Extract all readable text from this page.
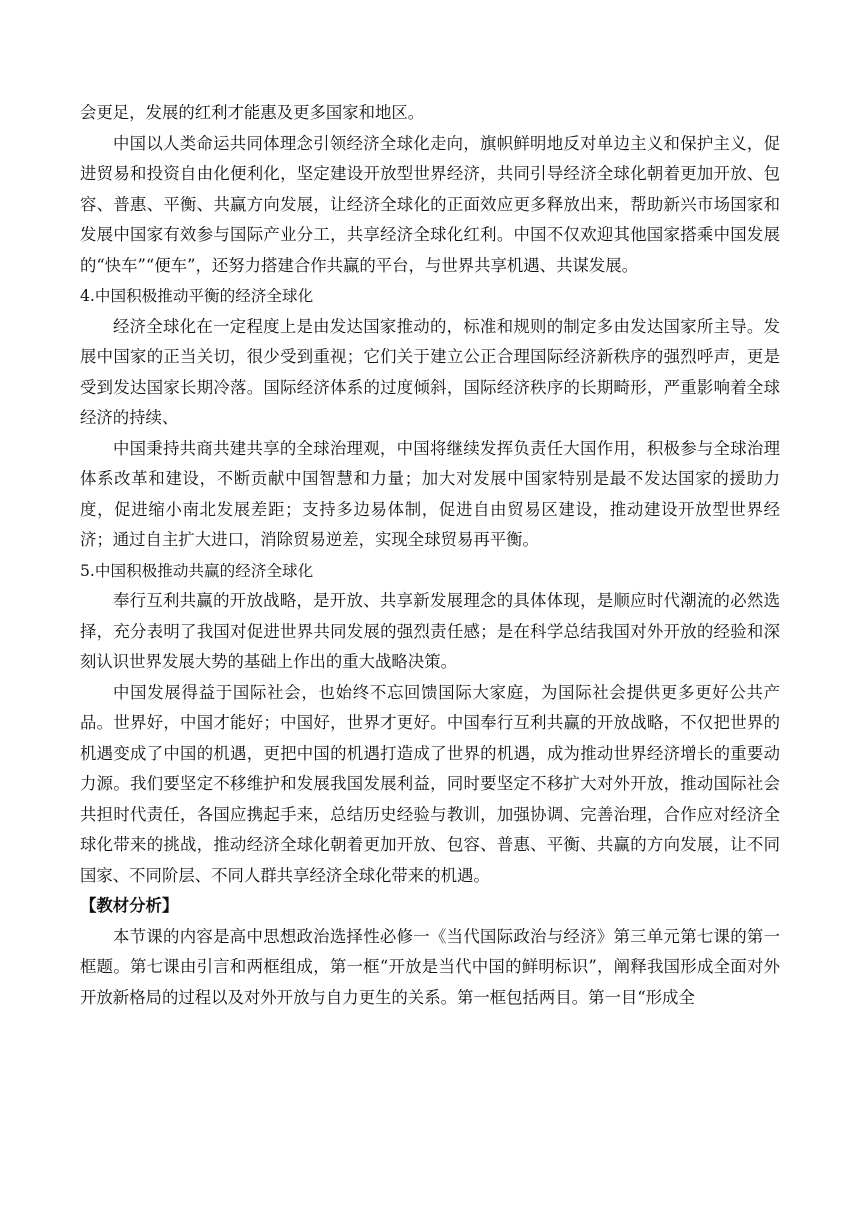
会更足，发展的红利才能惠及更多国家和地区。

中国以人类命运共同体理念引领经济全球化走向，旗帜鲜明地反对单边主义和保护主义，促进贸易和投资自由化便利化，坚定建设开放型世界经济，共同引导经济全球化朝着更加开放、包容、普惠、平衡、共赢方向发展，让经济全球化的正面效应更多释放出来，帮助新兴市场国家和发展中国家有效参与国际产业分工，共享经济全球化红利。中国不仅欢迎其他国家搭乘中国发展的“快车”“便车”，还努力搭建合作共赢的平台，与世界共享机遇、共谋发展。

4.中国积极推动平衡的经济全球化

经济全球化在一定程度上是由发达国家推动的，标准和规则的制定多由发达国家所主导。发展中国家的正当关切，很少受到重视；它们关于建立公正合理国际经济新秩序的强烈呼声，更是受到发达国家长期冷落。国际经济体系的过度倾斜，国际经济秩序的长期畸形，严重影响着全球经济的持续、

中国秉持共商共建共享的全球治理观，中国将继续发挥负责任大国作用，积极参与全球治理体系改革和建设，不断贡献中国智慧和力量；加大对发展中国家特别是最不发达国家的援助力度，促进缩小南北发展差距；支持多边易体制，促进自由贸易区建设，推动建设开放型世界经济；通过自主扩大进口，消除贸易逆差，实现全球贸易再平衡。

5.中国积极推动共赢的经济全球化

奉行互利共赢的开放战略，是开放、共享新发展理念的具体体现，是顺应时代潮流的必然选择，充分表明了我国对促进世界共同发展的强烈责任感；是在科学总结我国对外开放的经验和深刻认识世界发展大势的基础上作出的重大战略决策。

中国发展得益于国际社会，也始终不忘回馈国际大家庭，为国际社会提供更多更好公共产品。世界好，中国才能好；中国好，世界才更好。中国奉行互利共赢的开放战略，不仅把世界的机遇变成了中国的机遇，更把中国的机遇打造成了世界的机遇，成为推动世界经济增长的重要动力源。我们要坚定不移维护和发展我国发展利益，同时要坚定不移扩大对外开放，推动国际社会共担时代责任，各国应携起手来，总结历史经验与教训，加强协调、完善治理，合作应对经济全球化带来的挑战，推动经济全球化朝着更加开放、包容、普惠、平衡、共赢的方向发展，让不同国家、不同阶层、不同人群共享经济全球化带来的机遇。

【教材分析】

本节课的内容是高中思想政治选择性必修一《当代国际政治与经济》第三单元第七课的第一框题。第七课由引言和两框组成，第一框“开放是当代中国的鲜明标识”，阐释我国形成全面对外开放新格局的过程以及对外开放与自力更生的关系。第一框包括两目。第一目“形成全
